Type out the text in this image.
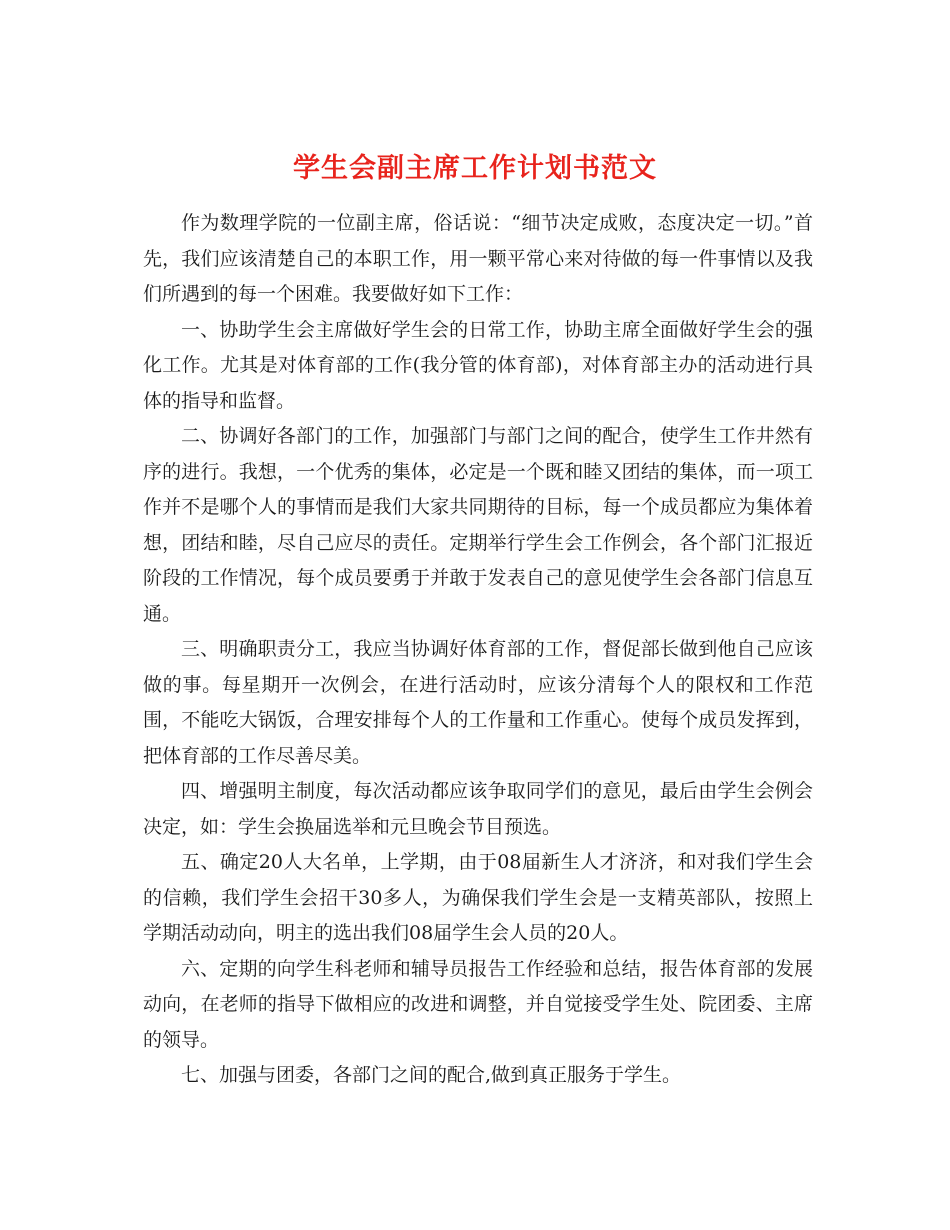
学生会副主席工作计划书范文

作为数理学院的一位副主席，俗话说：“细节决定成败，态度决定一切。”首先，我们应该清楚自己的本职工作，用一颗平常心来对待做的每一件事情以及我们所遇到的每一个困难。我要做好如下工作：

一、协助学生会主席做好学生会的日常工作，协助主席全面做好学生会的强化工作。尤其是对体育部的工作(我分管的体育部)，对体育部主办的活动进行具体的指导和监督。

二、协调好各部门的工作，加强部门与部门之间的配合，使学生工作井然有序的进行。我想，一个优秀的集体，必定是一个既和睦又团结的集体，而一项工作并不是哪个人的事情而是我们大家共同期待的目标，每一个成员都应为集体着想，团结和睦，尽自己应尽的责任。定期举行学生会工作例会，各个部门汇报近阶段的工作情况，每个成员要勇于并敢于发表自己的意见使学生会各部门信息互通。

三、明确职责分工，我应当协调好体育部的工作，督促部长做到他自己应该做的事。每星期开一次例会，在进行活动时，应该分清每个人的限权和工作范围，不能吃大锅饭，合理安排每个人的工作量和工作重心。使每个成员发挥到，把体育部的工作尽善尽美。

四、增强明主制度，每次活动都应该争取同学们的意见，最后由学生会例会决定，如：学生会换届选举和元旦晚会节目预选。

五、确定20人大名单，上学期，由于08届新生人才济济，和对我们学生会的信赖，我们学生会招干30多人，为确保我们学生会是一支精英部队，按照上学期活动动向，明主的选出我们08届学生会人员的20人。

六、定期的向学生科老师和辅导员报告工作经验和总结，报告体育部的发展动向，在老师的指导下做相应的改进和调整，并自觉接受学生处、院团委、主席的领导。

七、加强与团委，各部门之间的配合,做到真正服务于学生。
